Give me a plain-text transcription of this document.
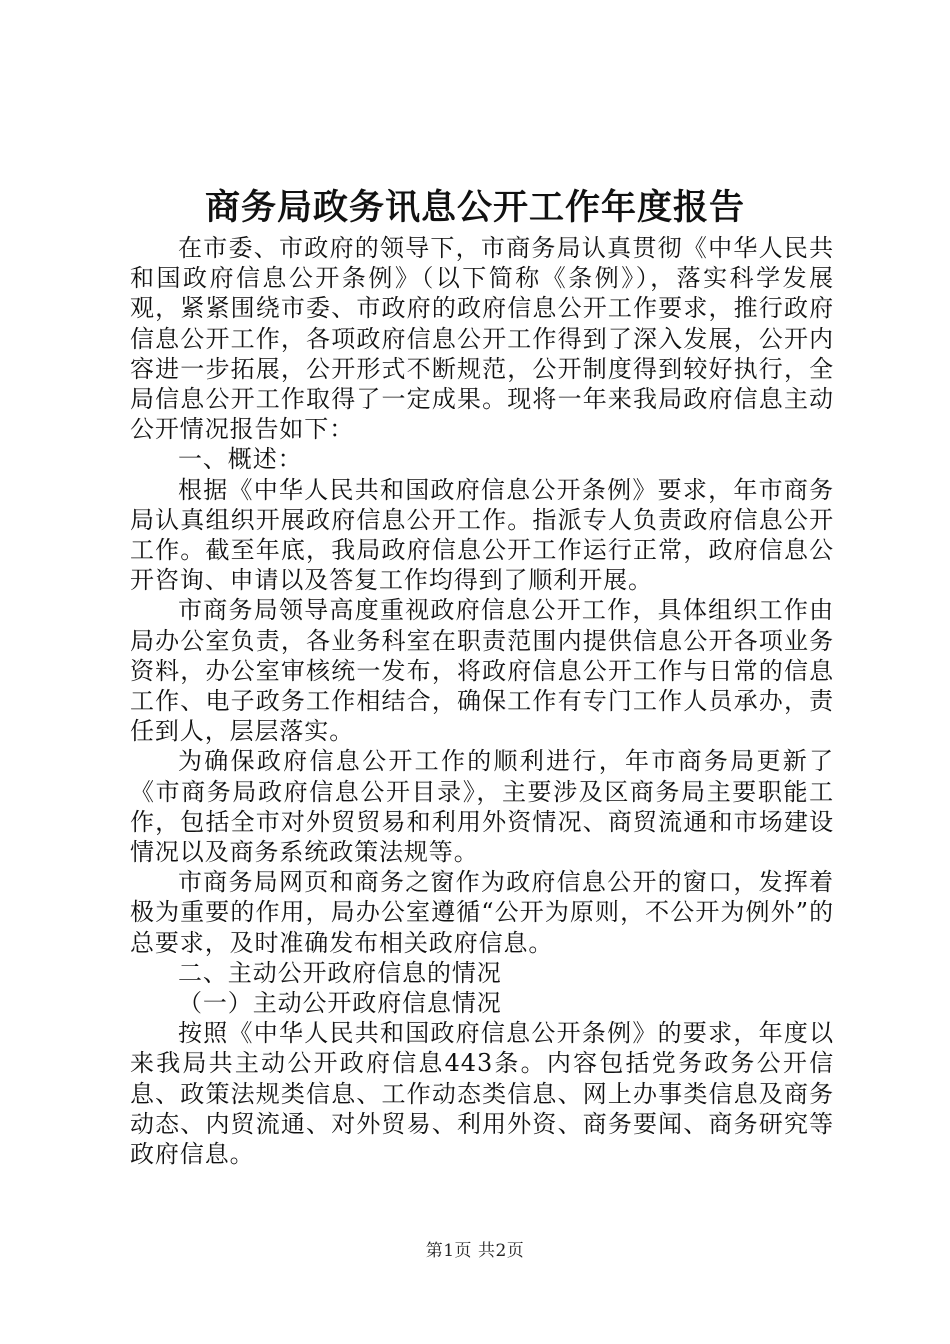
商务局政务讯息公开工作年度报告

在市委、市政府的领导下，市商务局认真贯彻《中华人民共和国政府信息公开条例》（以下简称《条例》），落实科学发展观，紧紧围绕市委、市政府的政府信息公开工作要求，推行政府信息公开工作，各项政府信息公开工作得到了深入发展，公开内容进一步拓展，公开形式不断规范，公开制度得到较好执行，全局信息公开工作取得了一定成果。现将一年来我局政府信息主动公开情况报告如下：

一、概述：

根据《中华人民共和国政府信息公开条例》要求，年市商务局认真组织开展政府信息公开工作。指派专人负责政府信息公开工作。截至年底，我局政府信息公开工作运行正常，政府信息公开咨询、申请以及答复工作均得到了顺利开展。

市商务局领导高度重视政府信息公开工作，具体组织工作由局办公室负责，各业务科室在职责范围内提供信息公开各项业务资料，办公室审核统一发布，将政府信息公开工作与日常的信息工作、电子政务工作相结合，确保工作有专门工作人员承办，责任到人，层层落实。

为确保政府信息公开工作的顺利进行，年市商务局更新了《市商务局政府信息公开目录》，主要涉及区商务局主要职能工作，包括全市对外贸贸易和利用外资情况、商贸流通和市场建设情况以及商务系统政策法规等。

市商务局网页和商务之窗作为政府信息公开的窗口，发挥着极为重要的作用，局办公室遵循“公开为原则，不公开为例外”的总要求，及时准确发布相关政府信息。

二、主动公开政府信息的情况

（一）主动公开政府信息情况

按照《中华人民共和国政府信息公开条例》的要求，年度以来我局共主动公开政府信息443条。内容包括党务政务公开信息、政策法规类信息、工作动态类信息、网上办事类信息及商务动态、内贸流通、对外贸易、利用外资、商务要闻、商务研究等政府信息。

第1页 共2页
